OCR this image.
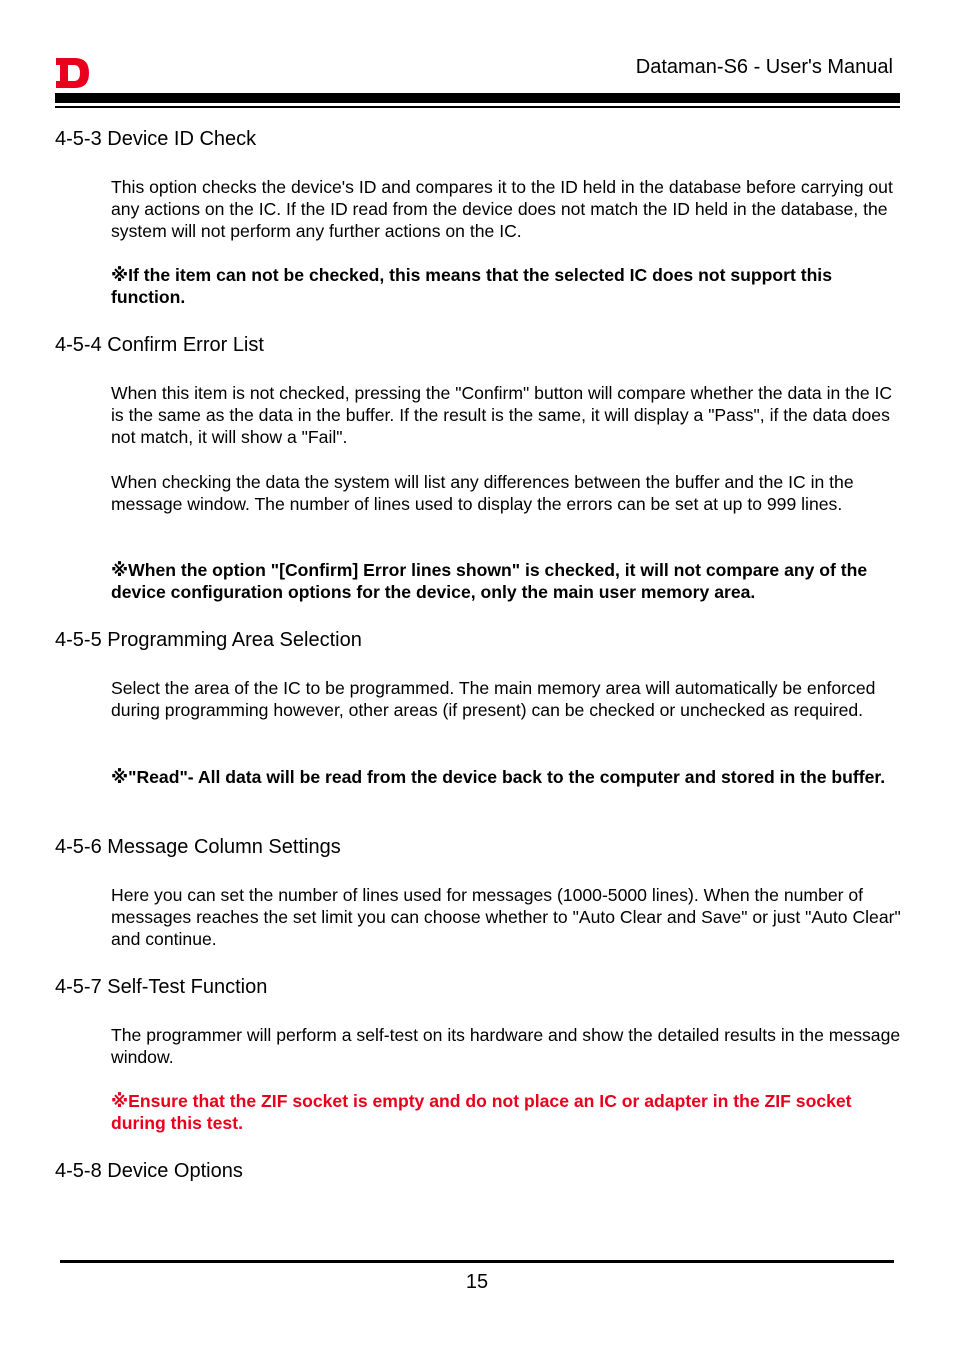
Dataman-S6 - User's Manual
4-5-3 Device ID Check

This option checks the device's ID and compares it to the ID held in the database before carrying out any actions on the IC. If the ID read from the device does not match the ID held in the database, the system will not perform any further actions on the IC.

※If the item can not be checked, this means that the selected IC does not support this function.

4-5-4 Confirm Error List

When this item is not checked, pressing the "Confirm" button will compare whether the data in the IC is the same as the data in the buffer. If the result is the same, it will display a "Pass", if the data does not match, it will show a "Fail".

When checking the data the system will list any differences between the buffer and the IC in the message window. The number of lines used to display the errors can be set at up to 999 lines.

※When the option "[Confirm] Error lines shown" is checked, it will not compare any of the device configuration options for the device, only the main user memory area.

4-5-5 Programming Area Selection

Select the area of the IC to be programmed. The main memory area will automatically be enforced during programming however, other areas (if present) can be checked or unchecked as required.

※"Read"- All data will be read from the device back to the computer and stored in the buffer.

4-5-6 Message Column Settings

Here you can set the number of lines used for messages (1000-5000 lines). When the number of messages reaches the set limit you can choose whether to "Auto Clear and Save" or just "Auto Clear" and continue.

4-5-7 Self-Test Function

The programmer will perform a self-test on its hardware and show the detailed results in the message window.

※Ensure that the ZIF socket is empty and do not place an IC or adapter in the ZIF socket during this test.

4-5-8 Device Options
15
